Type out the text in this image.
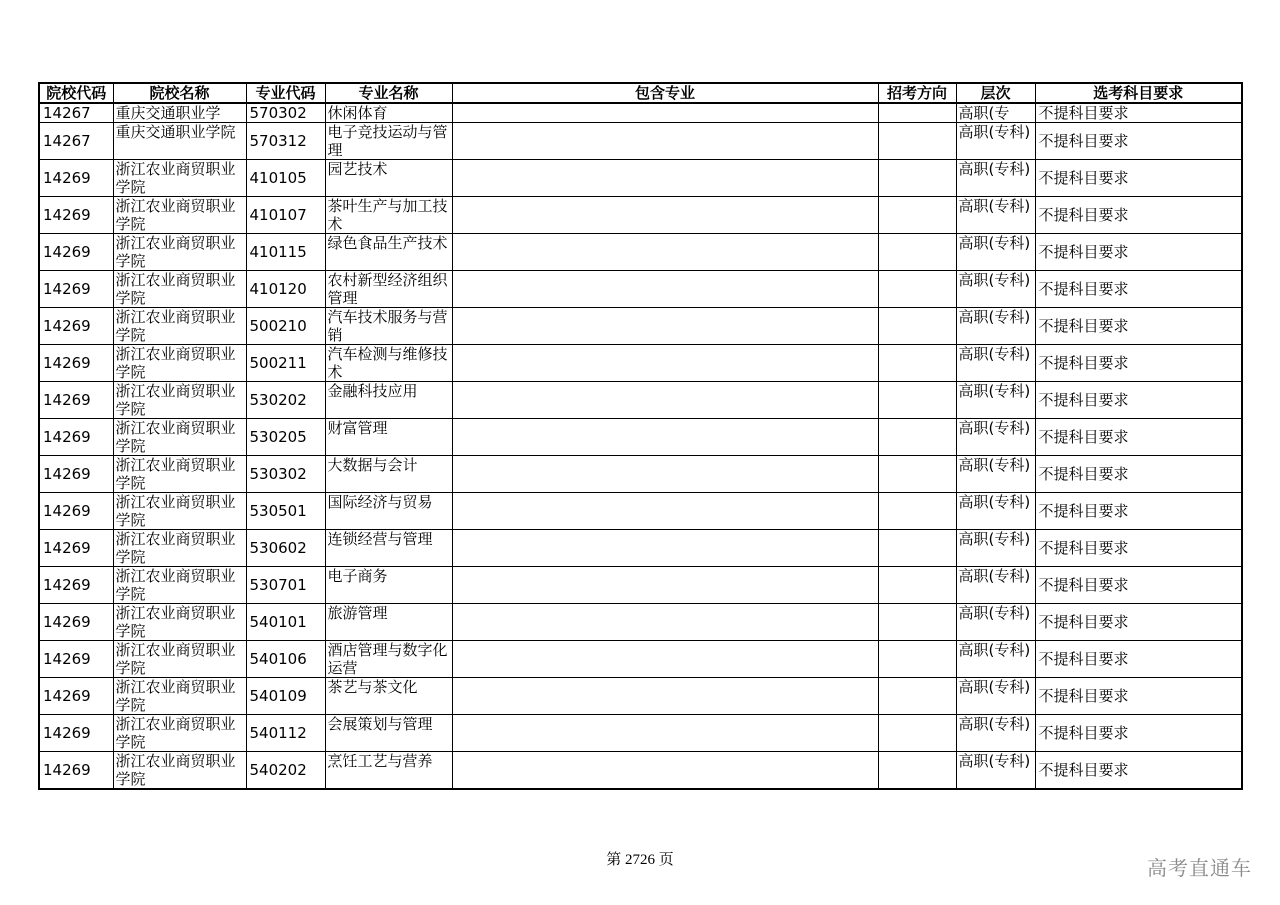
院校代码	院校名称	专业代码	专业名称	包含专业	招考方向	层次	选考科目要求
14267	重庆交通职业学	570302	休闲体育			高职(专	不提科目要求
14267	重庆交通职业学院	570312	电子竞技运动与管理			高职(专科)	不提科目要求
14269	浙江农业商贸职业学院	410105	园艺技术			高职(专科)	不提科目要求
14269	浙江农业商贸职业学院	410107	茶叶生产与加工技术			高职(专科)	不提科目要求
14269	浙江农业商贸职业学院	410115	绿色食品生产技术			高职(专科)	不提科目要求
14269	浙江农业商贸职业学院	410120	农村新型经济组织管理			高职(专科)	不提科目要求
14269	浙江农业商贸职业学院	500210	汽车技术服务与营销			高职(专科)	不提科目要求
14269	浙江农业商贸职业学院	500211	汽车检测与维修技术			高职(专科)	不提科目要求
14269	浙江农业商贸职业学院	530202	金融科技应用			高职(专科)	不提科目要求
14269	浙江农业商贸职业学院	530205	财富管理			高职(专科)	不提科目要求
14269	浙江农业商贸职业学院	530302	大数据与会计			高职(专科)	不提科目要求
14269	浙江农业商贸职业学院	530501	国际经济与贸易			高职(专科)	不提科目要求
14269	浙江农业商贸职业学院	530602	连锁经营与管理			高职(专科)	不提科目要求
14269	浙江农业商贸职业学院	530701	电子商务			高职(专科)	不提科目要求
14269	浙江农业商贸职业学院	540101	旅游管理			高职(专科)	不提科目要求
14269	浙江农业商贸职业学院	540106	酒店管理与数字化运营			高职(专科)	不提科目要求
14269	浙江农业商贸职业学院	540109	茶艺与茶文化			高职(专科)	不提科目要求
14269	浙江农业商贸职业学院	540112	会展策划与管理			高职(专科)	不提科目要求
14269	浙江农业商贸职业学院	540202	烹饪工艺与营养			高职(专科)	不提科目要求
第 2726 页	高考直通车
